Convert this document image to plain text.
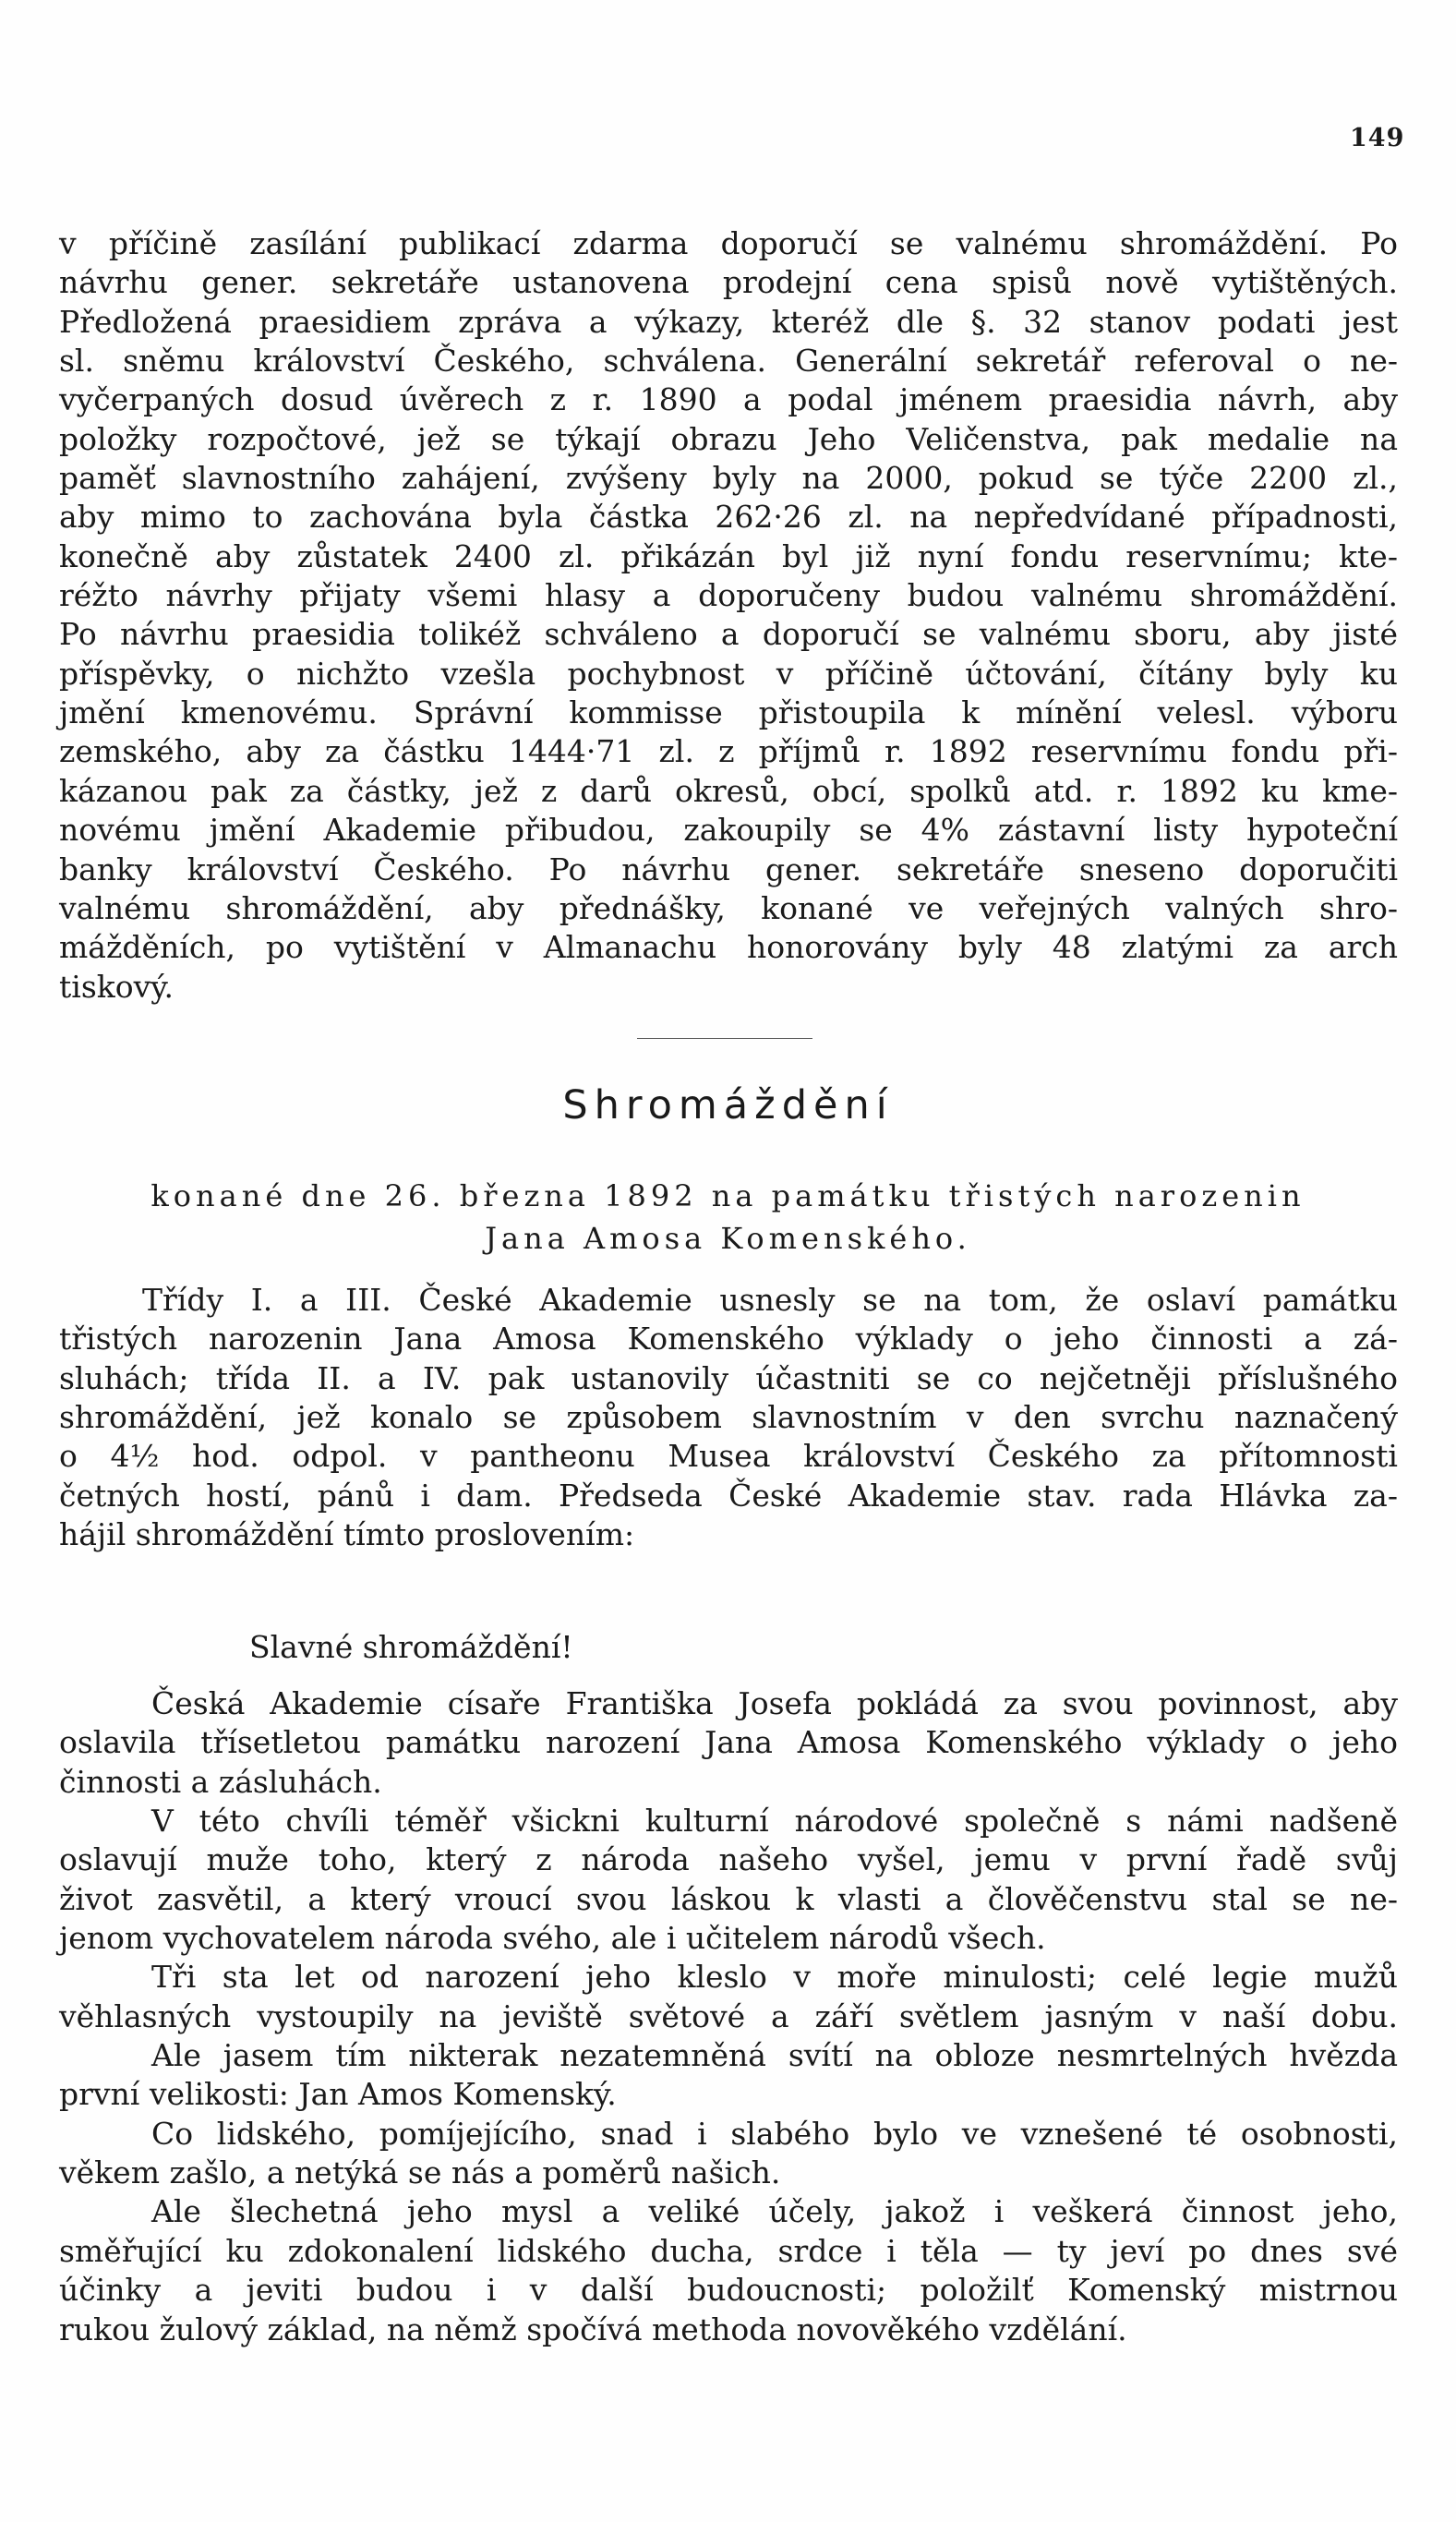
149
v příčině zasílání publikací zdarma doporučí se valnému shromáždění. Po
návrhu gener. sekretáře ustanovena prodejní cena spisů nově vytištěných.
Předložená praesidiem zpráva a výkazy, kteréž dle §. 32 stanov podati jest
sl. sněmu království Českého, schválena. Generální sekretář referoval o ne-
vyčerpaných dosud úvěrech z r. 1890 a podal jménem praesidia návrh, aby
položky rozpočtové, jež se týkají obrazu Jeho Veličenstva, pak medalie na
paměť slavnostního zahájení, zvýšeny byly na 2000, pokud se týče 2200 zl.,
aby mimo to zachována byla částka 262·26 zl. na nepředvídané případnosti,
konečně aby zůstatek 2400 zl. přikázán byl již nyní fondu reservnímu; kte-
réžto návrhy přijaty všemi hlasy a doporučeny budou valnému shromáždění.
Po návrhu praesidia tolikéž schváleno a doporučí se valnému sboru, aby jisté
příspěvky, o nichžto vzešla pochybnost v příčině účtování, čítány byly ku
jmění kmenovému. Správní kommisse přistoupila k mínění velesl. výboru
zemského, aby za částku 1444·71 zl. z příjmů r. 1892 reservnímu fondu při-
kázanou pak za částky, jež z darů okresů, obcí, spolků atd. r. 1892 ku kme-
novému jmění Akademie přibudou, zakoupily se 4% zástavní listy hypoteční
banky království Českého. Po návrhu gener. sekretáře sneseno doporučiti
valnému shromáždění, aby přednášky, konané ve veřejných valných shro-
mážděních, po vytištění v Almanachu honorovány byly 48 zlatými za arch
tiskový.
Shromáždění
konané dne 26. března 1892 na památku třistých narozenin
Jana Amosa Komenského.
Třídy I. a III. České Akademie usnesly se na tom, že oslaví památku
třistých narozenin Jana Amosa Komenského výklady o jeho činnosti a zá-
sluhách; třída II. a IV. pak ustanovily účastniti se co nejčetněji příslušného
shromáždění, jež konalo se způsobem slavnostním v den svrchu naznačený
o 4½ hod. odpol. v pantheonu Musea království Českého za přítomnosti
četných hostí, pánů i dam. Předseda České Akademie stav. rada Hlávka za-
hájil shromáždění tímto proslovením:
Slavné shromáždění!
Česká Akademie císaře Františka Josefa pokládá za svou povinnost, aby
oslavila třísetletou památku narození Jana Amosa Komenského výklady o jeho
činnosti a zásluhách.
V této chvíli téměř všickni kulturní národové společně s námi nadšeně
oslavují muže toho, který z národa našeho vyšel, jemu v první řadě svůj
život zasvětil, a který vroucí svou láskou k vlasti a člověčenstvu stal se ne-
jenom vychovatelem národa svého, ale i učitelem národů všech.
Tři sta let od narození jeho kleslo v moře minulosti; celé legie mužů
věhlasných vystoupily na jeviště světové a září světlem jasným v naší dobu.
Ale jasem tím nikterak nezatemněná svítí na obloze nesmrtelných hvězda
první velikosti: Jan Amos Komenský.
Co lidského, pomíjejícího, snad i slabého bylo ve vznešené té osobnosti,
věkem zašlo, a netýká se nás a poměrů našich.
Ale šlechetná jeho mysl a veliké účely, jakož i veškerá činnost jeho,
směřující ku zdokonalení lidského ducha, srdce i těla — ty jeví po dnes své
účinky a jeviti budou i v další budoucnosti; položilť Komenský mistrnou
rukou žulový základ, na němž spočívá methoda novověkého vzdělání.
